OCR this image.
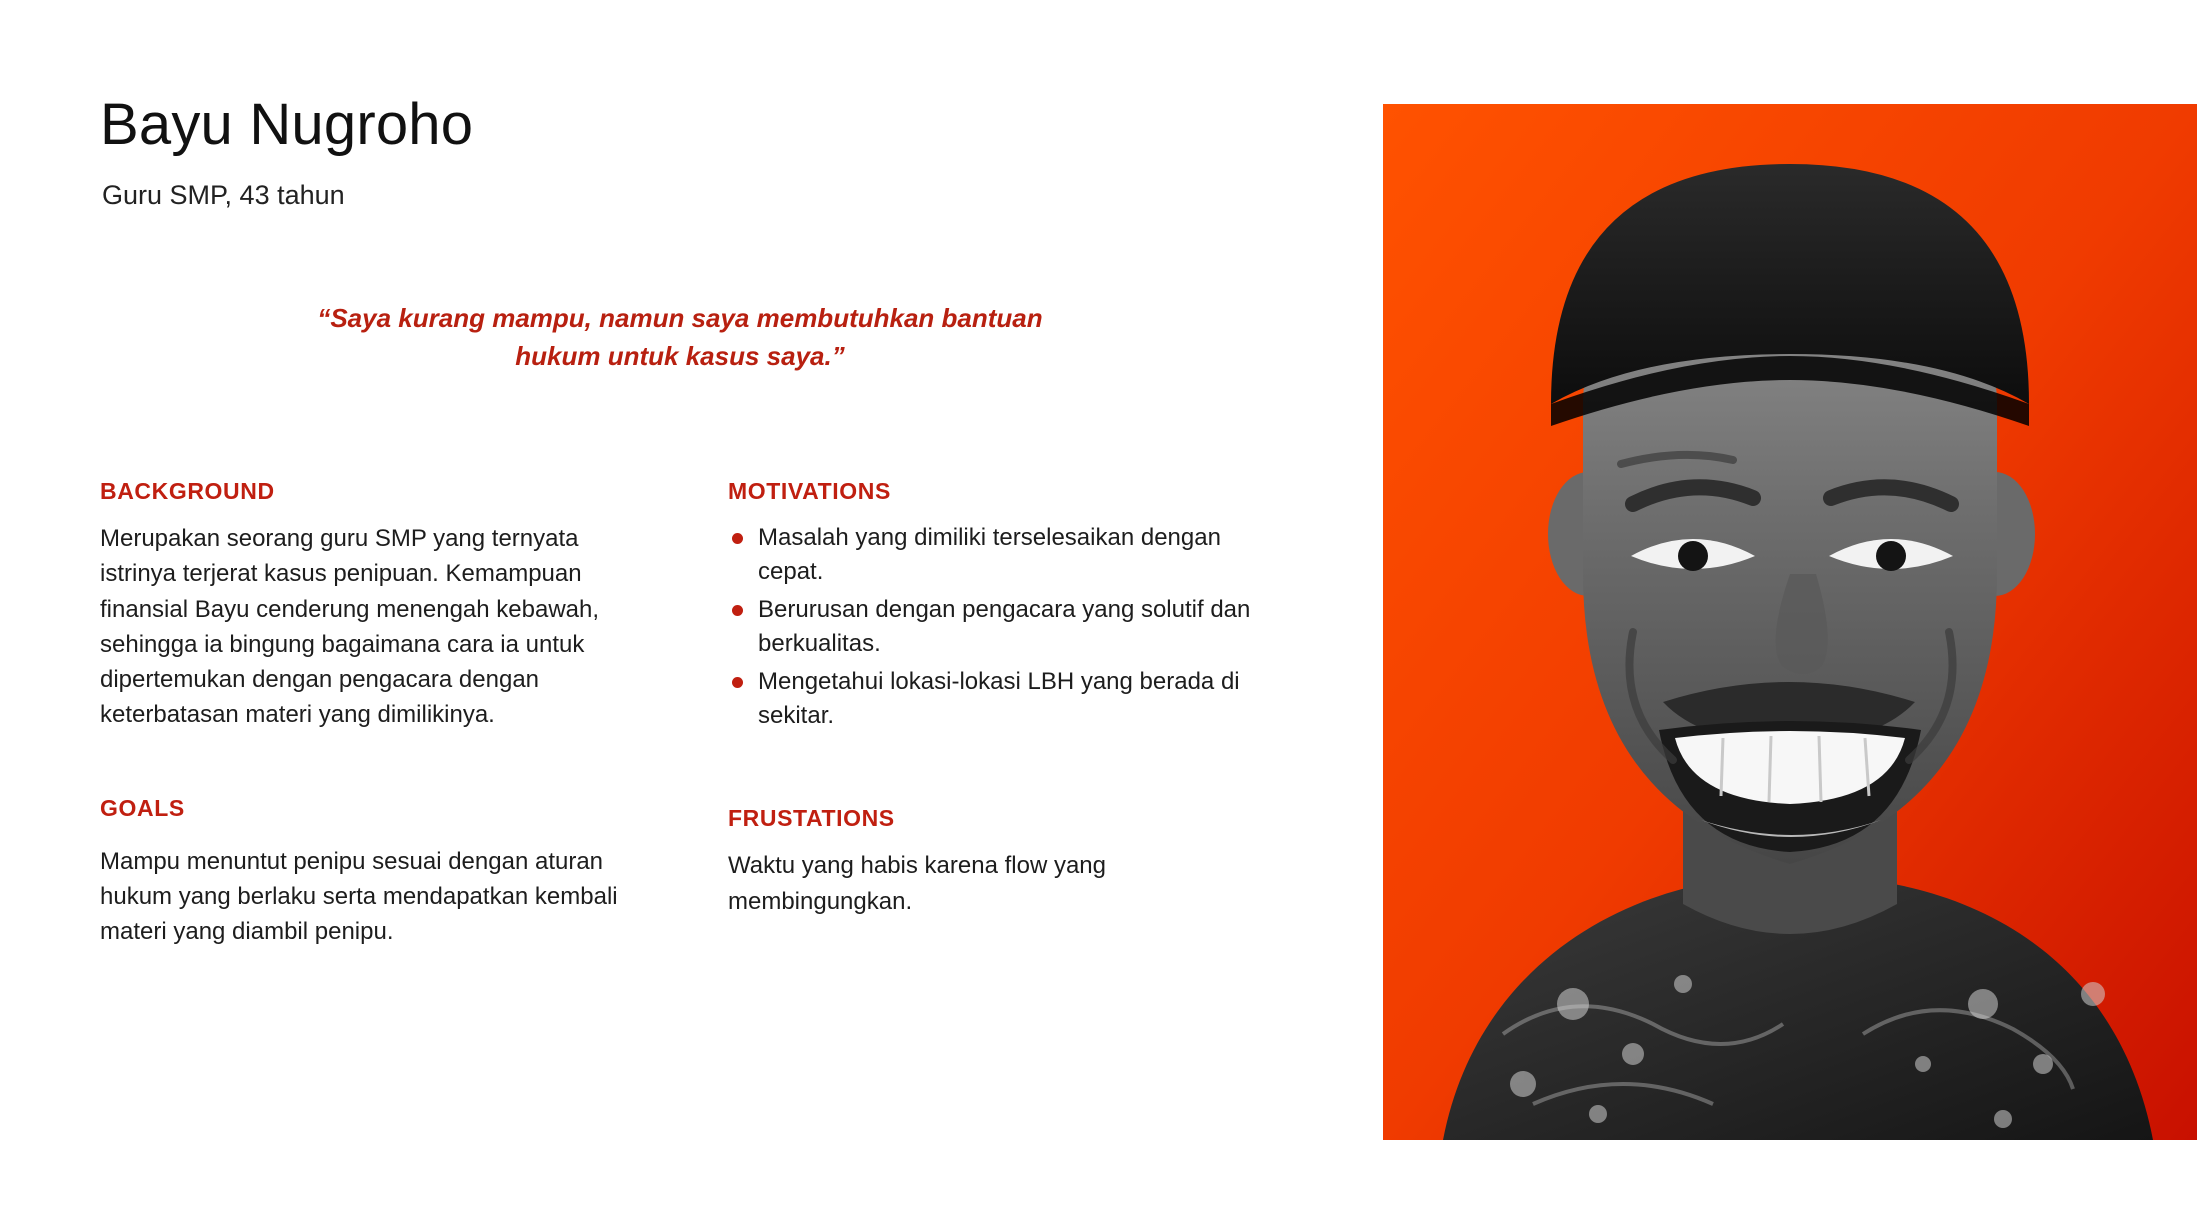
Bayu Nugroho
Guru SMP, 43 tahun
“Saya kurang mampu, namun saya membutuhkan bantuan hukum untuk kasus saya.”
BACKGROUND

Merupakan seorang guru SMP yang ternyata istrinya terjerat kasus penipuan. Kemampuan finansial Bayu cenderung menengah kebawah, sehingga ia bingung bagaimana cara ia untuk dipertemukan dengan pengacara dengan keterbatasan materi yang dimilikinya.

GOALS

Mampu menuntut penipu sesuai dengan aturan hukum yang berlaku serta mendapatkan kembali materi yang diambil penipu.

MOTIVATIONS
Masalah yang dimiliki terselesaikan dengan cepat.
Berurusan dengan pengacara yang solutif dan berkualitas.
Mengetahui lokasi-lokasi LBH yang berada di sekitar.
FRUSTATIONS

Waktu yang habis karena flow yang membingungkan.
